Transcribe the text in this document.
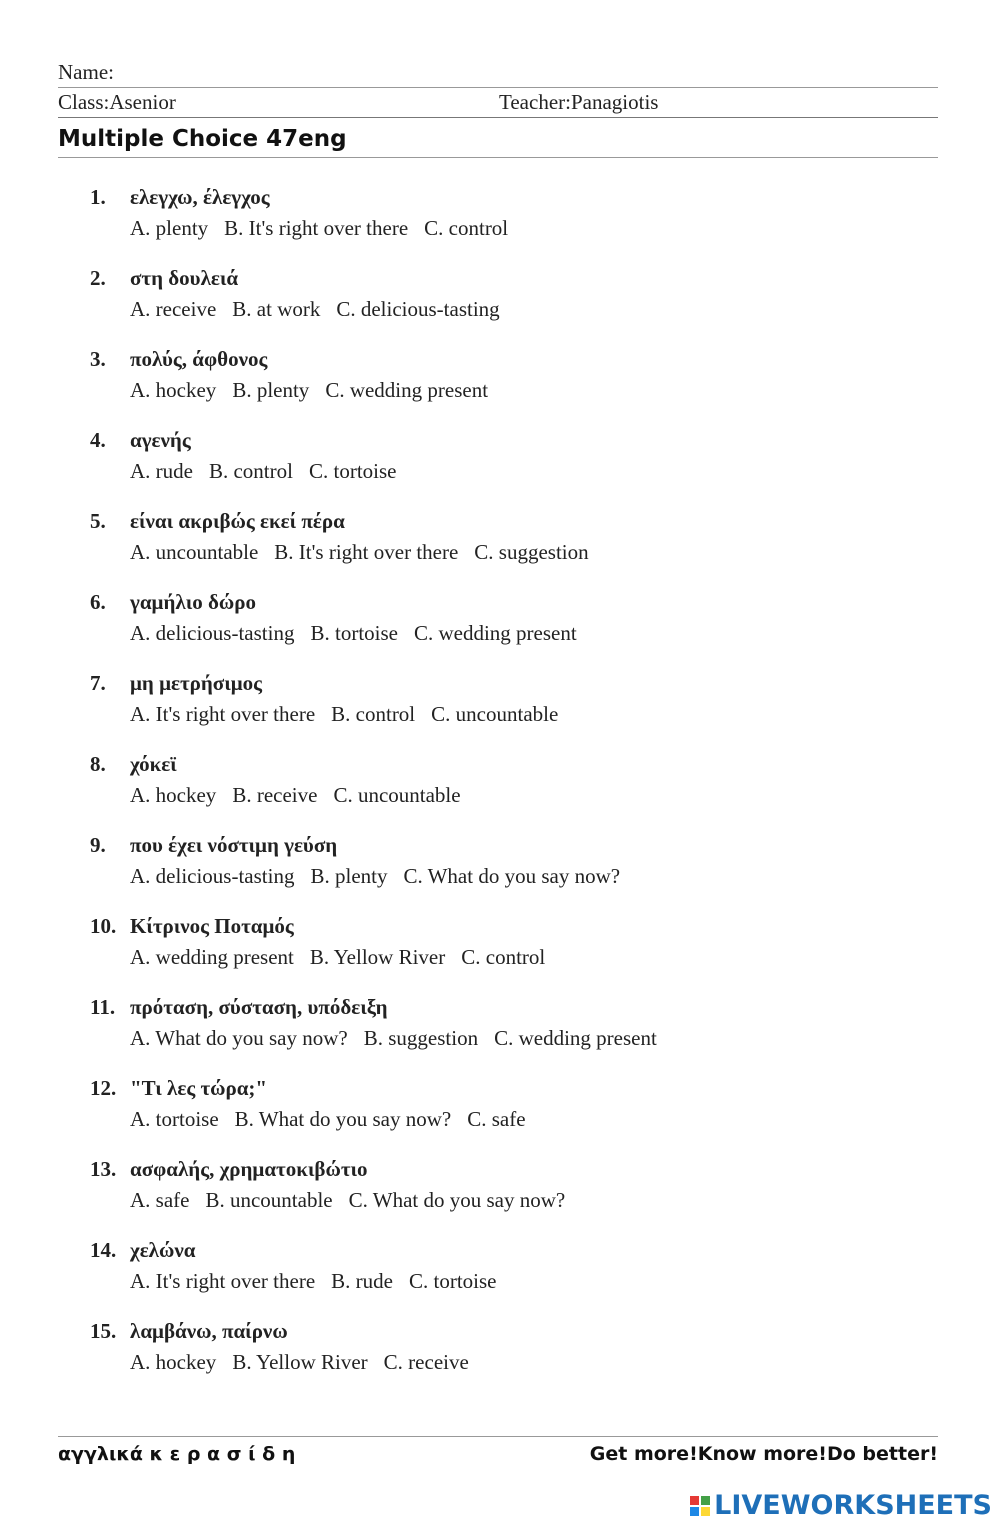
Name:
Class:Asenior	Teacher:Panagiotis
Multiple Choice 47eng
1. ελεγχω, έλεγχος
A. plenty B. It's right over there C. control
2. στη δουλειά
A. receive B. at work C. delicious-tasting
3. πολύς, άφθονος
A. hockey B. plenty C. wedding present
4. αγενής
A. rude B. control C. tortoise
5. είναι ακριβώς εκεί πέρα
A. uncountable B. It's right over there C. suggestion
6. γαμήλιο δώρο
A. delicious-tasting B. tortoise C. wedding present
7. μη μετρήσιμος
A. It's right over there B. control C. uncountable
8. χόκεϊ
A. hockey B. receive C. uncountable
9. που έχει νόστιμη γεύση
A. delicious-tasting B. plenty C. What do you say now?
10. Κίτρινος Ποταμός
A. wedding present B. Yellow River C. control
11. πρόταση, σύσταση, υπόδειξη
A. What do you say now? B. suggestion C. wedding present
12. "Τι λες τώρα;"
A. tortoise B. What do you say now? C. safe
13. ασφαλής, χρηματοκιβώτιο
A. safe B. uncountable C. What do you say now?
14. χελώνα
A. It's right over there B. rude C. tortoise
15. λαμβάνω, παίρνω
A. hockey B. Yellow River C. receive
αγγλικά κ ε ρ α σ ί δ η	Get more!Know more!Do better!
LIVEWORKSHEETS
